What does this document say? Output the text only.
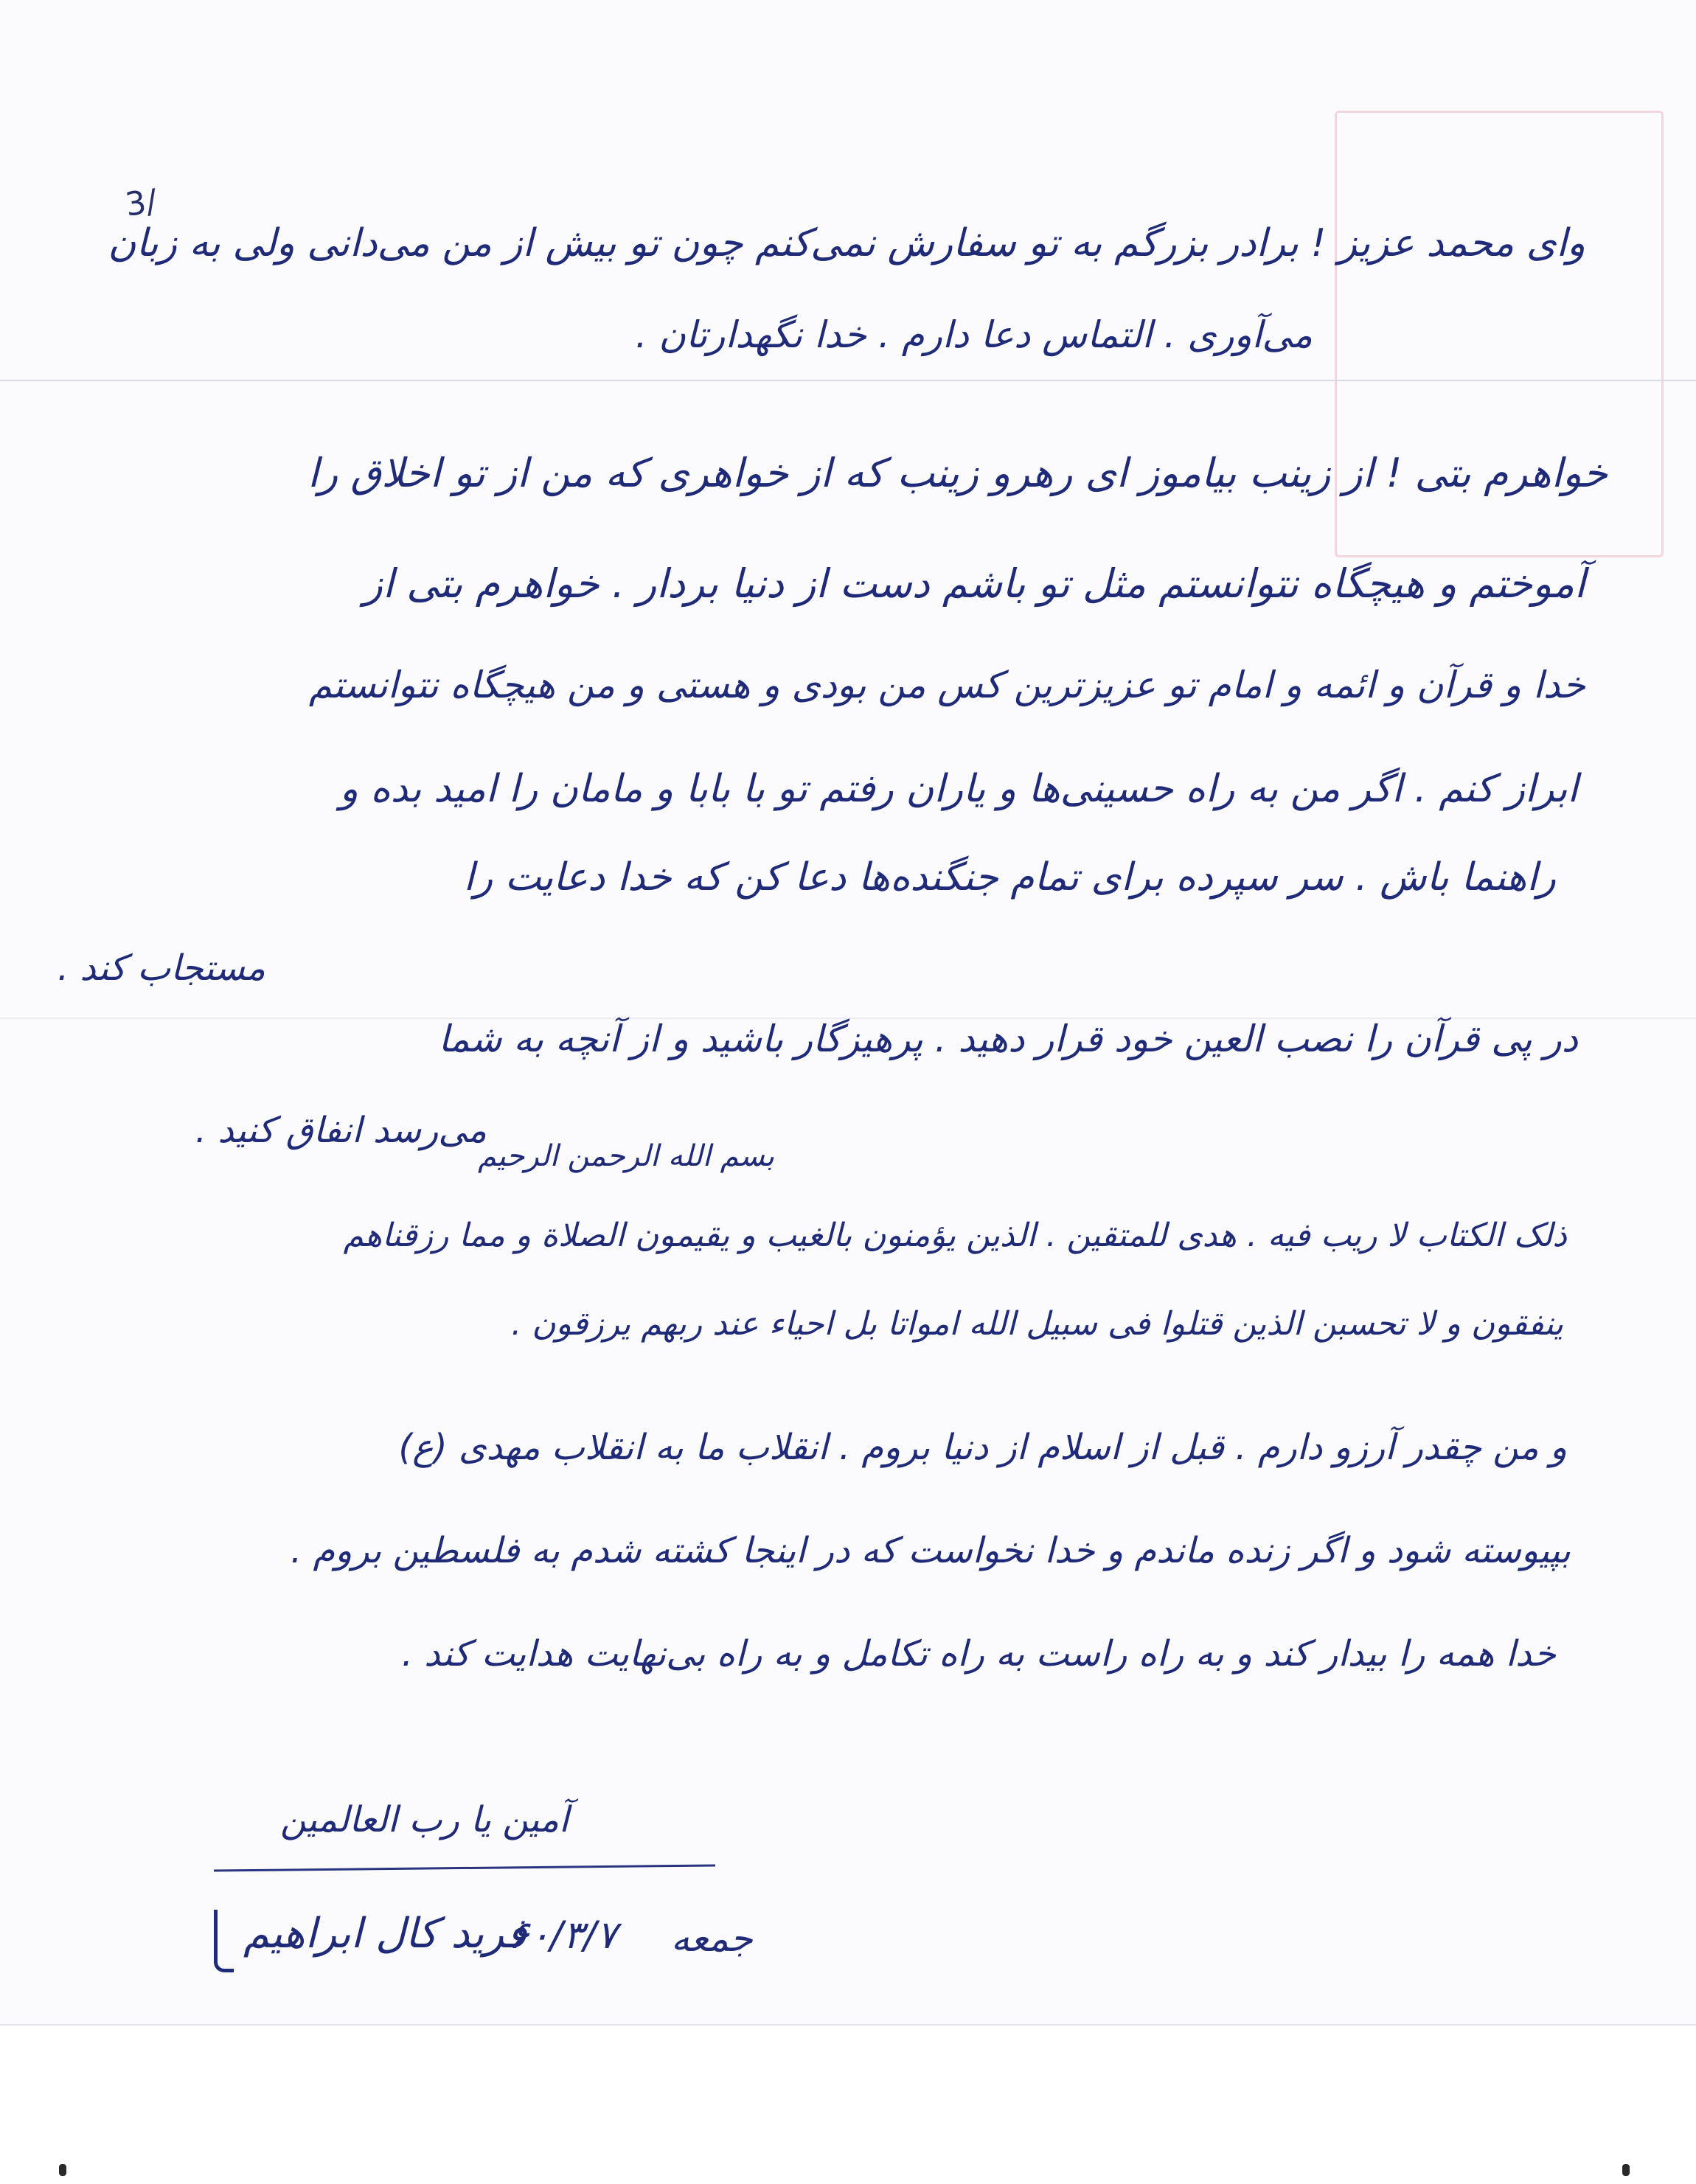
3/
وای محمد عزیز ! برادر بزرگم به تو سفارش نمی‌کنم چون تو بیش از من می‌دانی ولی به زبان
می‌آوری . التماس دعا دارم . خدا نگهدارتان .
خواهرم بتی ! از زینب بیاموز ای رهرو زینب که از خواهری که من از تو اخلاق را
آموختم و هیچگاه نتوانستم مثل تو باشم دست از دنیا بردار . خواهرم بتی از
خدا و قرآن و ائمه و امام تو عزیزترین کس من بودی و هستی و من هیچگاه نتوانستم
ابراز کنم . اگر من به راه حسینی‌ها و یاران رفتم تو با بابا و مامان را امید بده و
راهنما باش . سر سپرده برای تمام جنگنده‌ها دعا کن که خدا دعایت را
مستجاب کند .
در پی قرآن را نصب العین خود قرار دهید . پرهیزگار باشید و از آنچه به شما
می‌رسد انفاق کنید .
بسم الله الرحمن الرحیم
ذلک الکتاب لا ریب فیه . هدی للمتقین . الذین یؤمنون بالغیب و یقیمون الصلاة و مما رزقناهم
ینفقون و لا تحسبن الذین قتلوا فی سبیل الله امواتا بل احیاء عند ربهم یرزقون .
و من چقدر آرزو دارم . قبل از اسلام از دنیا بروم . انقلاب ما به انقلاب مهدی (ع)
بپیوسته شود و اگر زنده ماندم و خدا نخواست که در اینجا کشته شدم به فلسطین بروم .
خدا همه را بیدار کند و به راه راست به راه تکامل و به راه بی‌نهایت هدایت کند .
آمین یا رب العالمین
فرید کال ابراهیم
۶۰/۳/۷ جمعه
